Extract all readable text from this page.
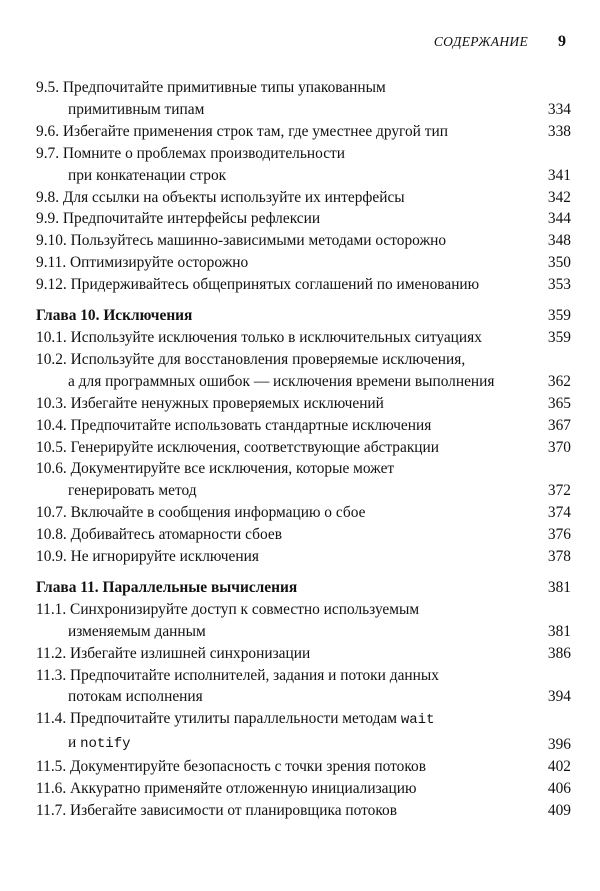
СОДЕРЖАНИЕ 9
9.5. Предпочитайте примитивные типы упакованным
примитивным типам	334
9.6. Избегайте применения строк там, где уместнее другой тип	338
9.7. Помните о проблемах производительности
при конкатенации строк	341
9.8. Для ссылки на объекты используйте их интерфейсы	342
9.9. Предпочитайте интерфейсы рефлексии	344
9.10. Пользуйтесь машинно-зависимыми методами осторожно	348
9.11. Оптимизируйте осторожно	350
9.12. Придерживайтесь общепринятых соглашений по именованию	353
Глава 10. Исключения	359
10.1. Используйте исключения только в исключительных ситуациях	359
10.2. Используйте для восстановления проверяемые исключения,
а для программных ошибок — исключения времени выполнения	362
10.3. Избегайте ненужных проверяемых исключений	365
10.4. Предпочитайте использовать стандартные исключения	367
10.5. Генерируйте исключения, соответствующие абстракции	370
10.6. Документируйте все исключения, которые может
генерировать метод	372
10.7. Включайте в сообщения информацию о сбое	374
10.8. Добивайтесь атомарности сбоев	376
10.9. Не игнорируйте исключения	378
Глава 11. Параллельные вычисления	381
11.1. Синхронизируйте доступ к совместно используемым
изменяемым данным	381
11.2. Избегайте излишней синхронизации	386
11.3. Предпочитайте исполнителей, задания и потоки данных
потокам исполнения	394
11.4. Предпочитайте утилиты параллельности методам wait
и notify	396
11.5. Документируйте безопасность с точки зрения потоков	402
11.6. Аккуратно применяйте отложенную инициализацию	406
11.7. Избегайте зависимости от планировщика потоков	409
